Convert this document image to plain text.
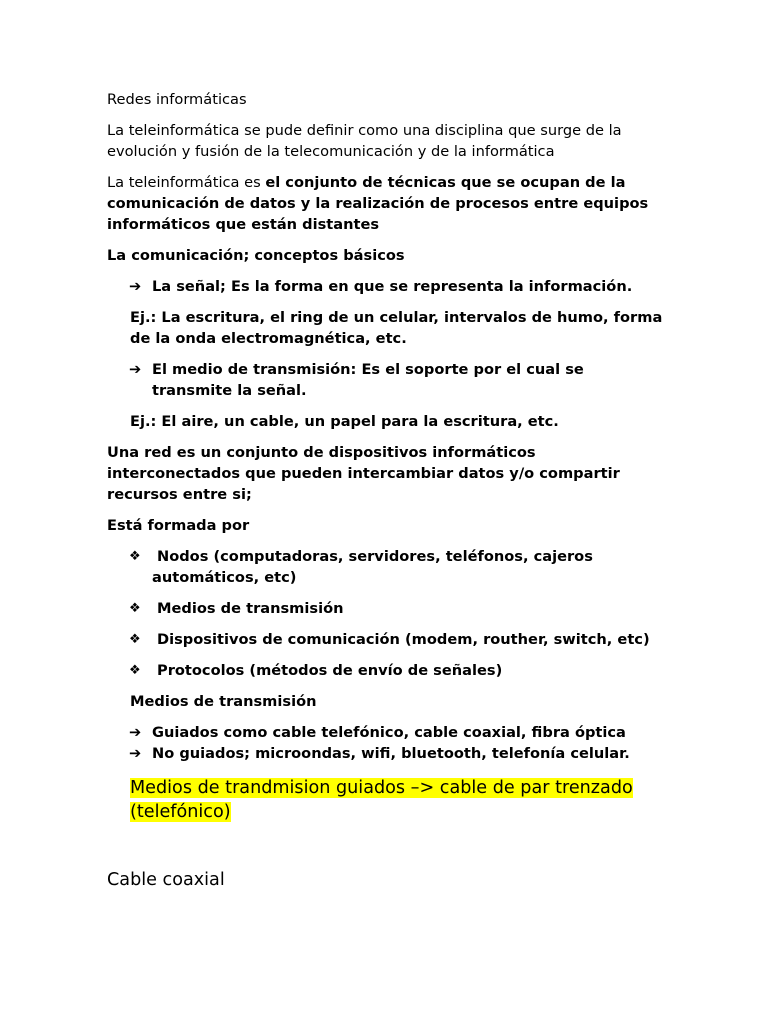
Redes informáticas

La teleinformática se pude definir como una disciplina que surge de la evolución y fusión de la telecomunicación y de la informática

La teleinformática es el conjunto de técnicas que se ocupan de la comunicación de datos y la realización de procesos entre equipos informáticos que están distantes

La comunicación; conceptos básicos

➔ La señal; Es la forma en que se representa la información.

Ej.: La escritura, el ring de un celular, intervalos de humo, forma de la onda electromagnética, etc.

➔ El medio de transmisión: Es el soporte por el cual se transmite la señal.

Ej.: El aire, un cable, un papel para la escritura, etc.

Una red es un conjunto de dispositivos informáticos interconectados que pueden intercambiar datos y/o compartir recursos entre si;

Está formada por

❖ Nodos (computadoras, servidores, teléfonos, cajeros automáticos, etc)
❖ Medios de transmisión
❖ Dispositivos de comunicación (modem, routher, switch, etc)
❖ Protocolos (métodos de envío de señales)

Medios de transmisión

➔ Guiados como cable telefónico, cable coaxial, fibra óptica
➔ No guiados; microondas, wifi, bluetooth, telefonía celular.
Medios de trandmision guiados –> cable de par trenzado (telefónico)

Cable coaxial
